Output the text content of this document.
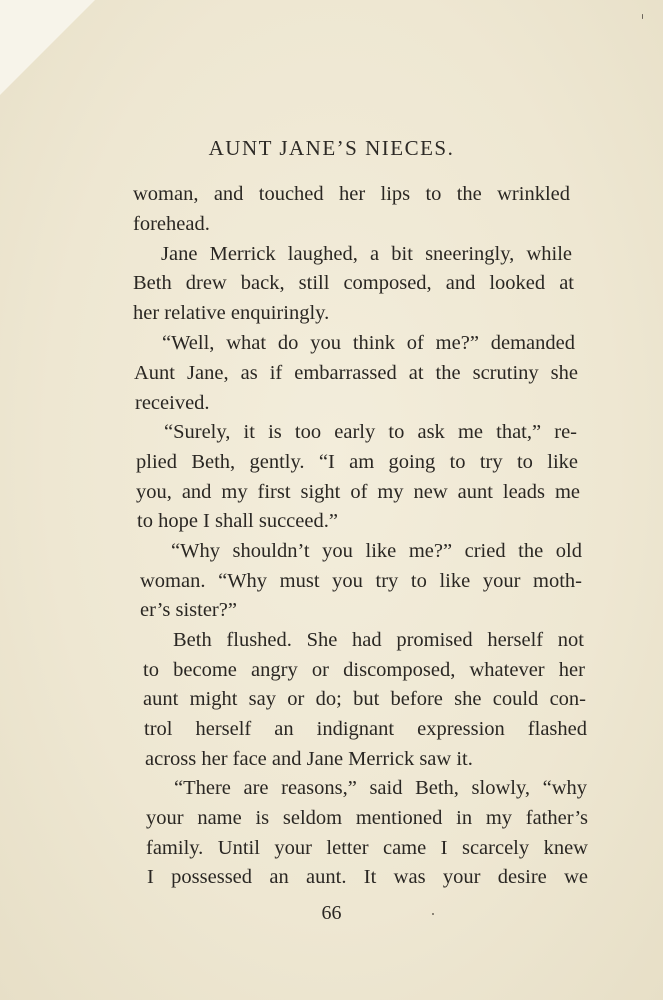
AUNT JANE’S NIECES.
woman, and touched her lips to the wrinkled
forehead.
Jane Merrick laughed, a bit sneeringly, while
Beth drew back, still composed, and looked at
her relative enquiringly.
“Well, what do you think of me?” demanded
Aunt Jane, as if embarrassed at the scrutiny she
received.
“Surely, it is too early to ask me that,” re-
plied Beth, gently. “I am going to try to like
you, and my first sight of my new aunt leads me
to hope I shall succeed.”
“Why shouldn’t you like me?” cried the old
woman. “Why must you try to like your moth-
er’s sister?”
Beth flushed. She had promised herself not
to become angry or discomposed, whatever her
aunt might say or do; but before she could con-
trol herself an indignant expression flashed
across her face and Jane Merrick saw it.
“There are reasons,” said Beth, slowly, “why
your name is seldom mentioned in my father’s
family. Until your letter came I scarcely knew
I possessed an aunt. It was your desire we
66
